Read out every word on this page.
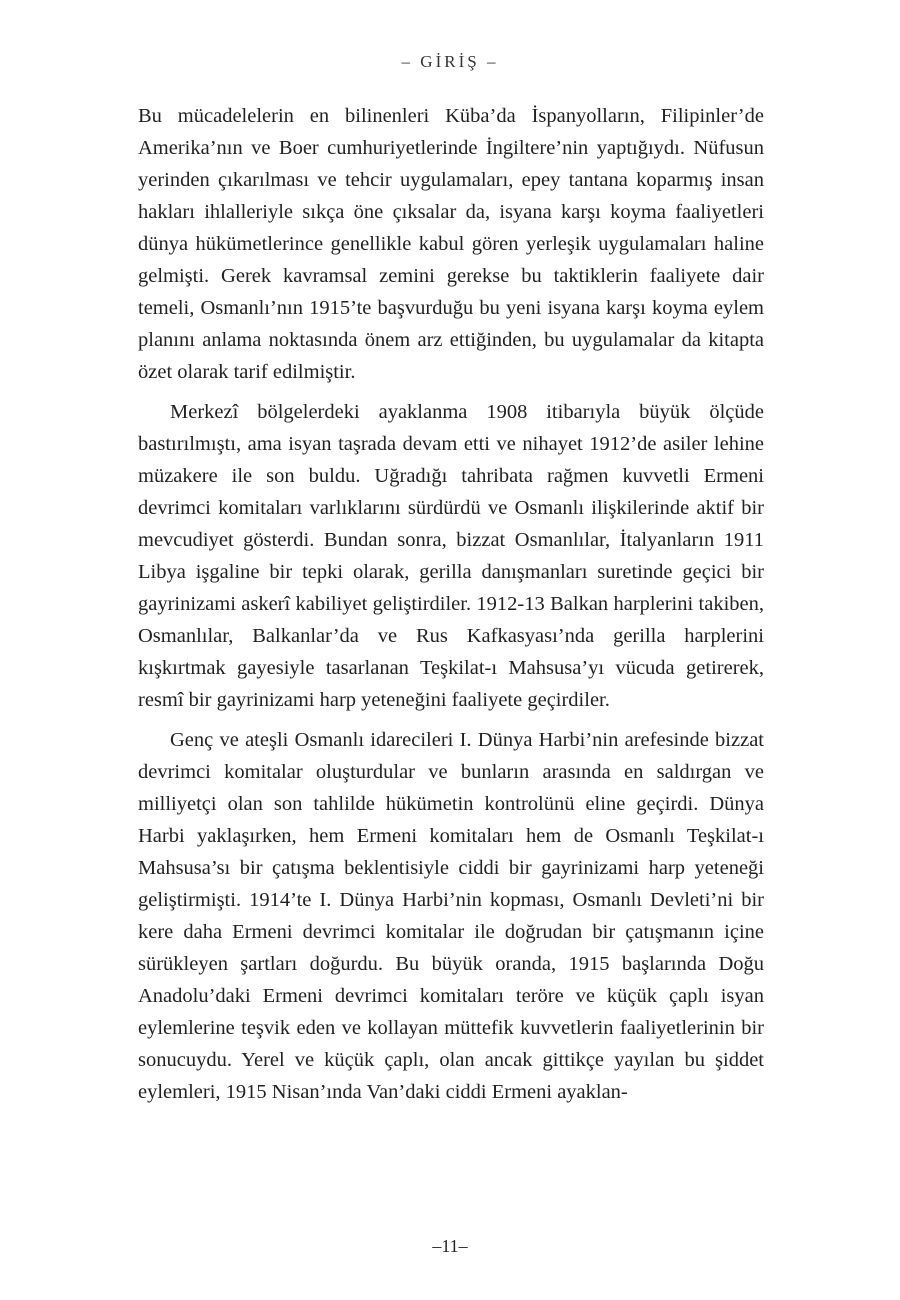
– GİRİŞ –

Bu mücadelelerin en bilinenleri Küba’da İspanyolların, Filipinler’de Amerika’nın ve Boer cumhuriyetlerinde İngiltere’nin yaptığıydı. Nüfusun yerinden çıkarılması ve tehcir uygulamaları, epey tantana koparmış insan hakları ihlalleriyle sıkça öne çıksalar da, isyana karşı koyma faaliyetleri dünya hükümetlerince genellikle kabul gören yerleşik uygulamaları haline gelmişti. Gerek kavramsal zemini gerekse bu taktiklerin faaliyete dair temeli, Osmanlı’nın 1915’te başvurduğu bu yeni isyana karşı koyma eylem planını anlama noktasında önem arz ettiğinden, bu uygulamalar da kitapta özet olarak tarif edilmiştir.

Merkezî bölgelerdeki ayaklanma 1908 itibarıyla büyük ölçüde bastırılmıştı, ama isyan taşrada devam etti ve nihayet 1912’de asiler lehine müzakere ile son buldu. Uğradığı tahribata rağmen kuvvetli Ermeni devrimci komitaları varlıklarını sürdürdü ve Osmanlı ilişkilerinde aktif bir mevcudiyet gösterdi. Bundan sonra, bizzat Osmanlılar, İtalyanların 1911 Libya işgaline bir tepki olarak, gerilla danışmanları suretinde geçici bir gayrinizami askerî kabiliyet geliştirdiler. 1912-13 Balkan harplerini takiben, Osmanlılar, Balkanlar’da ve Rus Kafkasyası’nda gerilla harplerini kışkırtmak gayesiyle tasarlanan Teşkilat-ı Mahsusa’yı vücuda getirerek, resmî bir gayrinizami harp yeteneğini faaliyete geçirdiler.

Genç ve ateşli Osmanlı idarecileri I. Dünya Harbi’nin arefesinde bizzat devrimci komitalar oluşturdular ve bunların arasında en saldırgan ve milliyetçi olan son tahlilde hükümetin kontrolünü eline geçirdi. Dünya Harbi yaklaşırken, hem Ermeni komitaları hem de Osmanlı Teşkilat-ı Mahsusa’sı bir çatışma beklentisiyle ciddi bir gayrinizami harp yeteneği geliştirmişti. 1914’te I. Dünya Harbi’nin kopması, Osmanlı Devleti’ni bir kere daha Ermeni devrimci komitalar ile doğrudan bir çatışmanın içine sürükleyen şartları doğurdu. Bu büyük oranda, 1915 başlarında Doğu Anadolu’daki Ermeni devrimci komitaları teröre ve küçük çaplı isyan eylemlerine teşvik eden ve kollayan müttefik kuvvetlerin faaliyetlerinin bir sonucuydu. Yerel ve küçük çaplı, olan ancak gittikçe yayılan bu şiddet eylemleri, 1915 Nisan’ında Van’daki ciddi Ermeni ayaklan-

–11–
